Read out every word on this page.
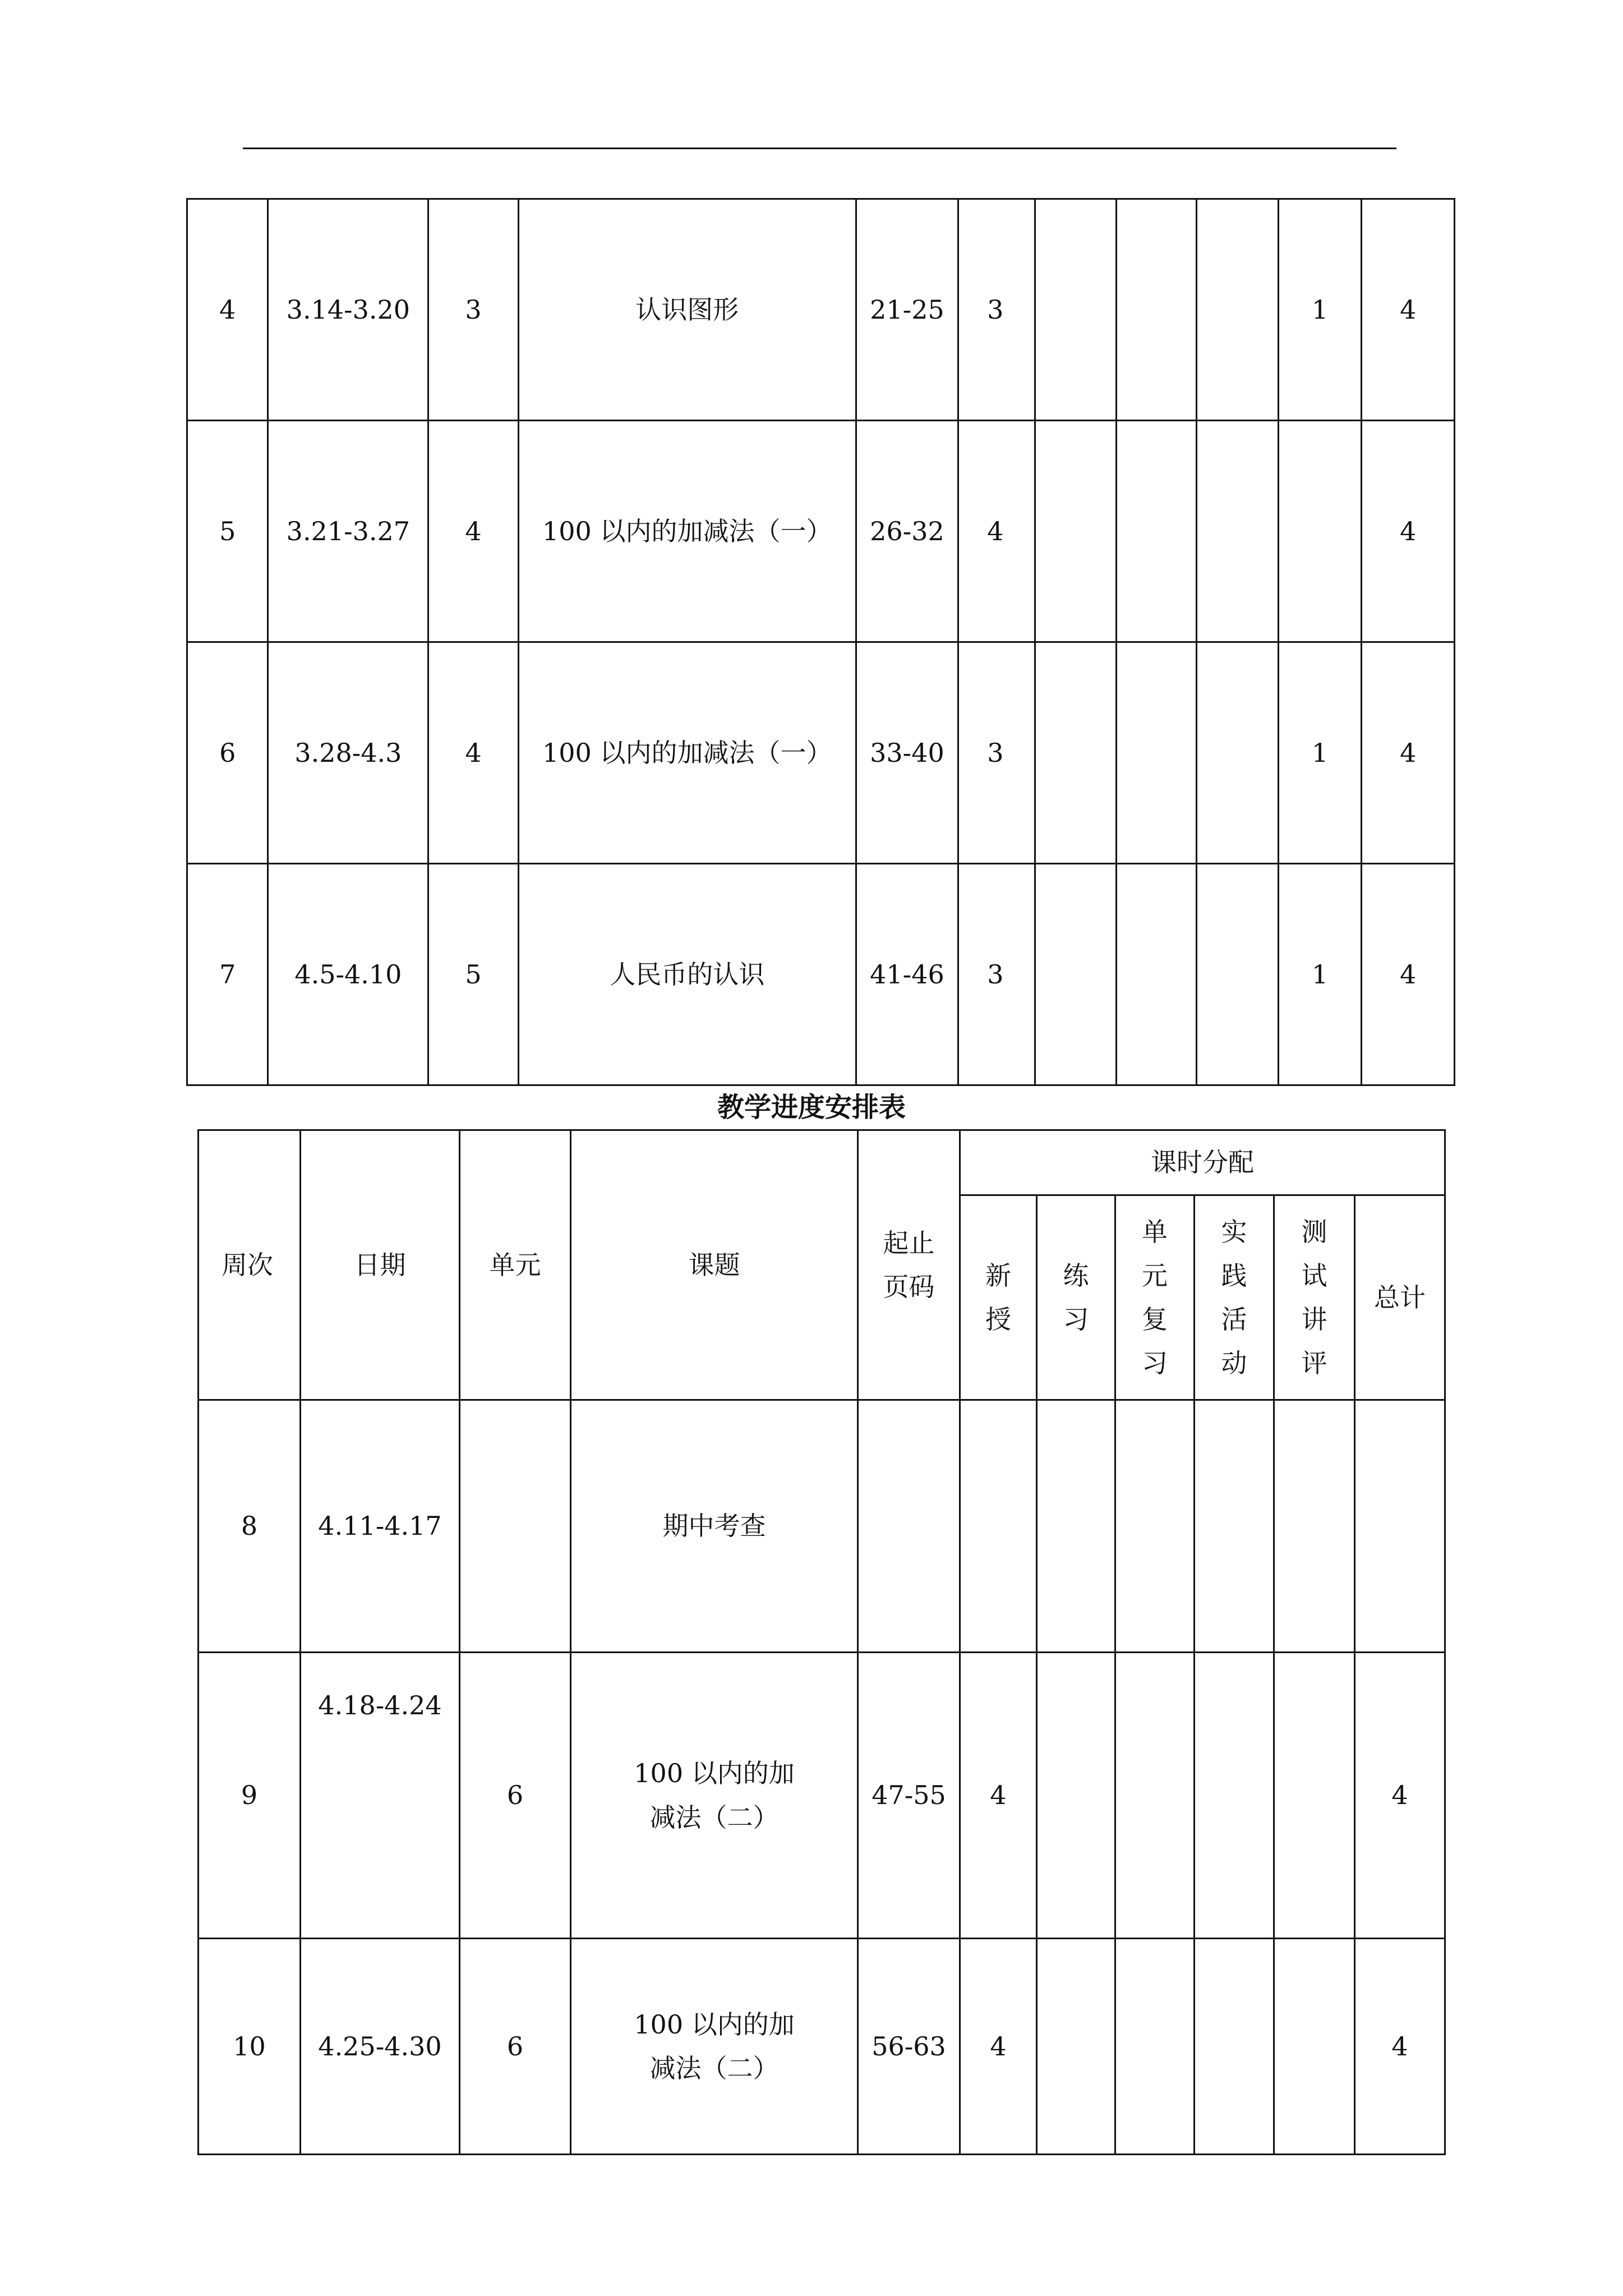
4	3.14-3.20	3	认识图形	21-25	3				1	4
5	3.21-3.27	4	100 以内的加减法（一）	26-32	4					4
6	3.28-4.3	4	100 以内的加减法（一）	33-40	3				1	4
7	4.5-4.10	5	人民币的认识	41-46	3				1	4
教学进度安排表
周次	日期	单元	课题	起止页码	课时分配					
					新授	练习	单元复习	实践活动	测试讲评	总计
8	4.11-4.17		期中考查							
9	4.18-4.24	6	100 以内的加减法（二）	47-55	4					4
10	4.25-4.30	6	100 以内的加减法（二）	56-63	4					4
